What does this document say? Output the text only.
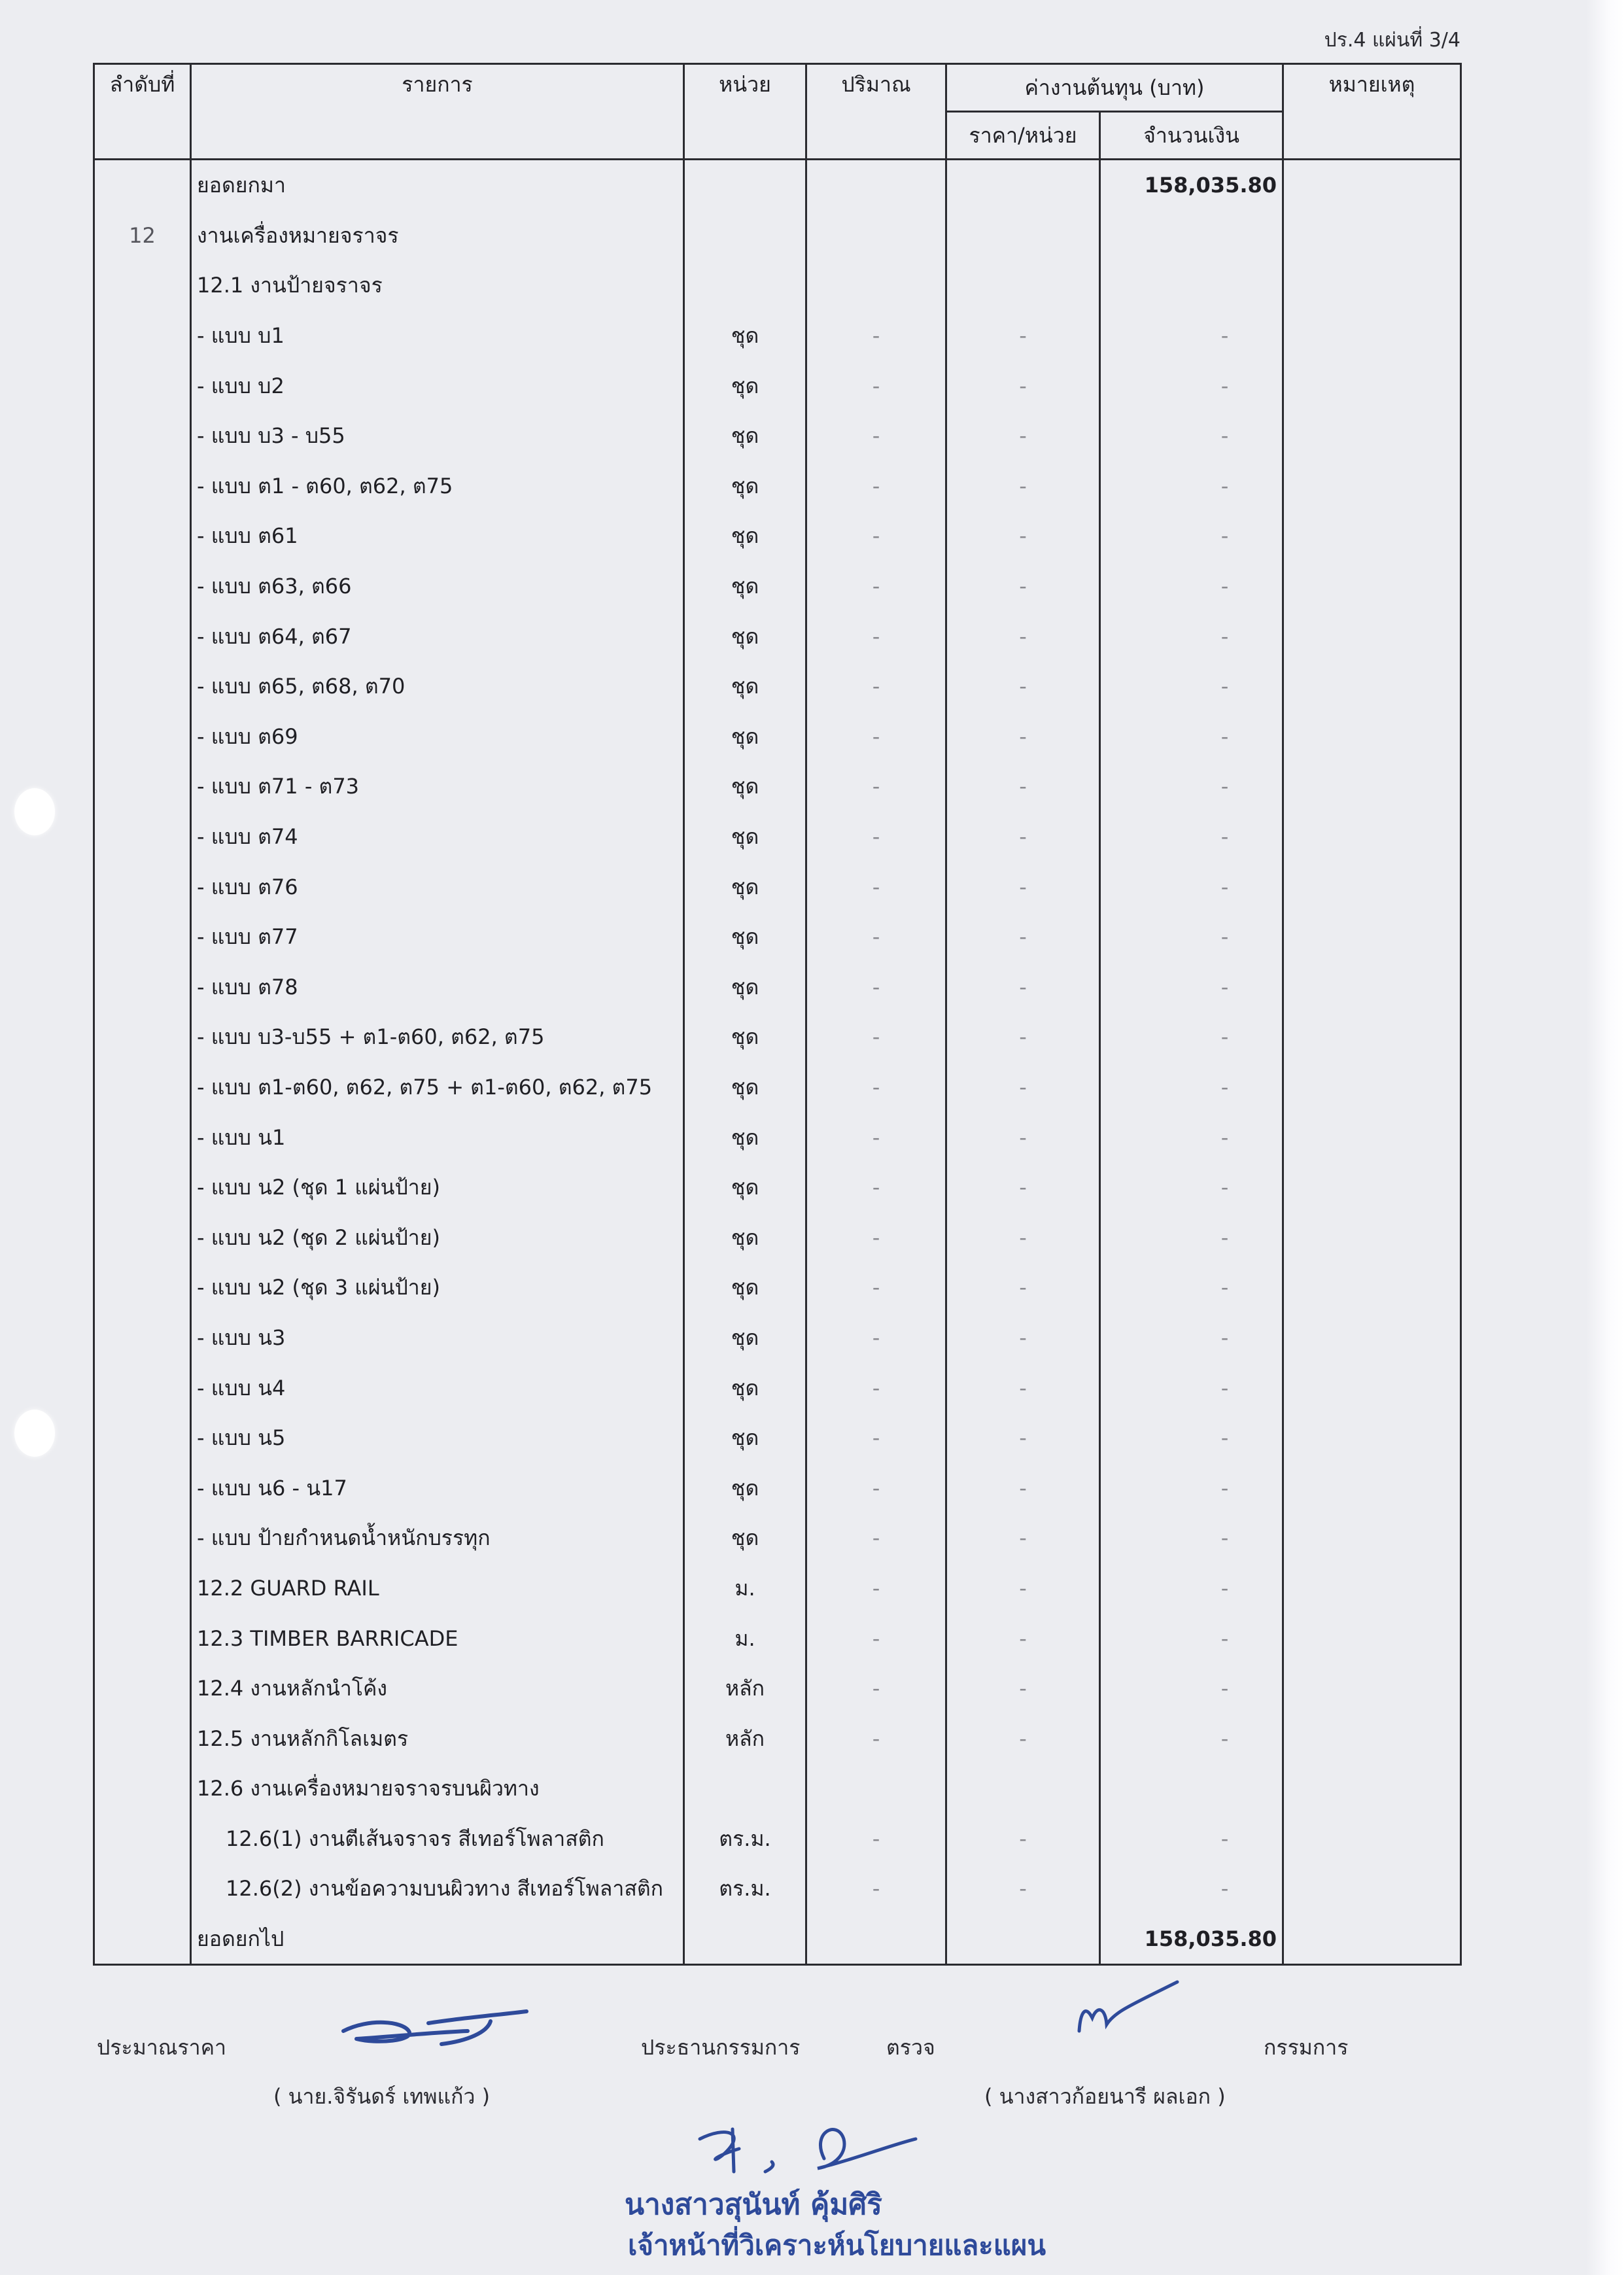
ปร.4 แผ่นที่ 3/4
ลำดับที่	รายการ	หน่วย	ปริมาณ	ค่างานต้นทุน (บาท)		หมายเหตุ
				ราคา/หน่วย	จำนวนเงิน	
	ยอดยกมา				158,035.80	
12	งานเครื่องหมายจราจร					
	12.1 งานป้ายจราจร					
	- แบบ บ1	ชุด	-	-	-	
	- แบบ บ2	ชุด	-	-	-	
	- แบบ บ3 - บ55	ชุด	-	-	-	
	- แบบ ต1 - ต60, ต62, ต75	ชุด	-	-	-	
	- แบบ ต61	ชุด	-	-	-	
	- แบบ ต63, ต66	ชุด	-	-	-	
	- แบบ ต64, ต67	ชุด	-	-	-	
	- แบบ ต65, ต68, ต70	ชุด	-	-	-	
	- แบบ ต69	ชุด	-	-	-	
	- แบบ ต71 - ต73	ชุด	-	-	-	
	- แบบ ต74	ชุด	-	-	-	
	- แบบ ต76	ชุด	-	-	-	
	- แบบ ต77	ชุด	-	-	-	
	- แบบ ต78	ชุด	-	-	-	
	- แบบ บ3-บ55 + ต1-ต60, ต62, ต75	ชุด	-	-	-	
	- แบบ ต1-ต60, ต62, ต75 + ต1-ต60, ต62, ต75	ชุด	-	-	-	
	- แบบ น1	ชุด	-	-	-	
	- แบบ น2 (ชุด 1 แผ่นป้าย)	ชุด	-	-	-	
	- แบบ น2 (ชุด 2 แผ่นป้าย)	ชุด	-	-	-	
	- แบบ น2 (ชุด 3 แผ่นป้าย)	ชุด	-	-	-	
	- แบบ น3	ชุด	-	-	-	
	- แบบ น4	ชุด	-	-	-	
	- แบบ น5	ชุด	-	-	-	
	- แบบ น6 - น17	ชุด	-	-	-	
	- แบบ ป้ายกำหนดน้ำหนักบรรทุก	ชุด	-	-	-	
	12.2 GUARD RAIL	ม.	-	-	-	
	12.3 TIMBER BARRICADE	ม.	-	-	-	
	12.4 งานหลักนำโค้ง	หลัก	-	-	-	
	12.5 งานหลักกิโลเมตร	หลัก	-	-	-	
	12.6 งานเครื่องหมายจราจรบนผิวทาง					
	12.6(1) งานตีเส้นจราจร สีเทอร์โพลาสติก	ตร.ม.	-	-	-	
	12.6(2) งานข้อความบนผิวทาง สีเทอร์โพลาสติก	ตร.ม.	-	-	-	
	ยอดยกไป				158,035.80	
ประมาณราคา	ประธานกรรมการ	ตรวจ	กรรมการ
( นาย.จิรันดร์ เทพแก้ว )	( นางสาวก้อยนารี ผลเอก )
นางสาวสุนันท์ คุ้มศิริ
เจ้าหน้าที่วิเคราะห์นโยบายและแผน
